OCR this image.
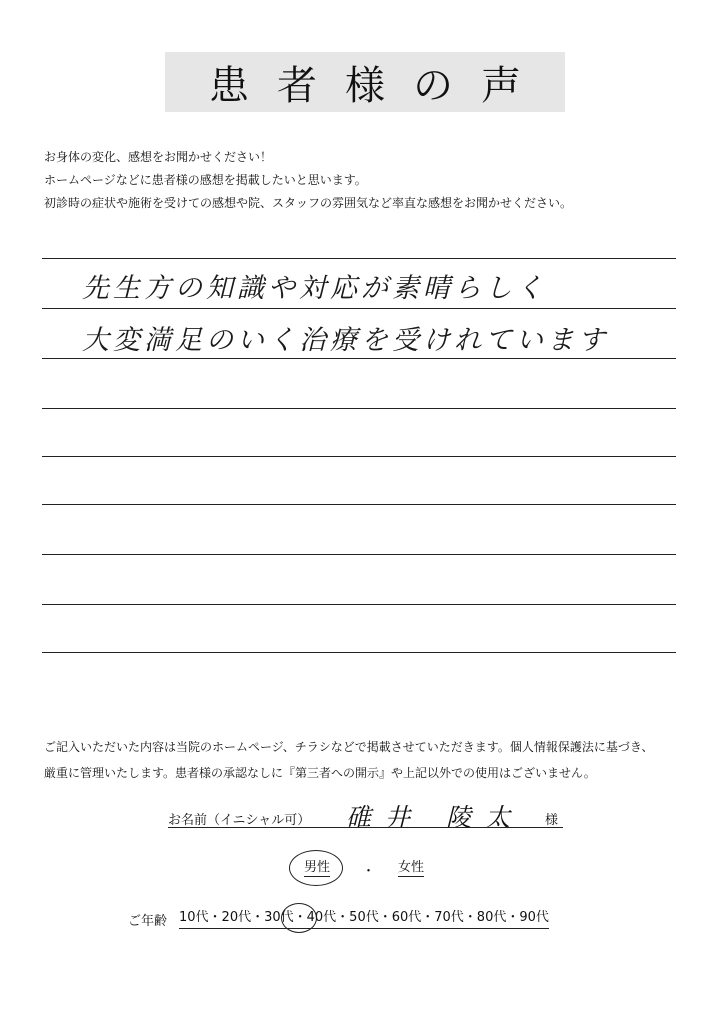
患者様の声
お身体の変化、感想をお聞かせください！
ホームページなどに患者様の感想を掲載したいと思います。
初診時の症状や施術を受けての感想や院、スタッフの雰囲気など率直な感想をお聞かせください。
先生方の知識や対応が素晴らしく
大変満足のいく治療を受けれています
ご記入いただいた内容は当院のホームページ、チラシなどで掲載させていただきます。個人情報保護法に基づき、
厳重に管理いたします。患者様の承認なしに『第三者への開示』や上記以外での使用はございません。
お名前（イニシャル可） 碓井 陵太 様
男性 ・ 女性
ご年齢 10代・20代・30代・40代・50代・60代・70代・80代・90代
